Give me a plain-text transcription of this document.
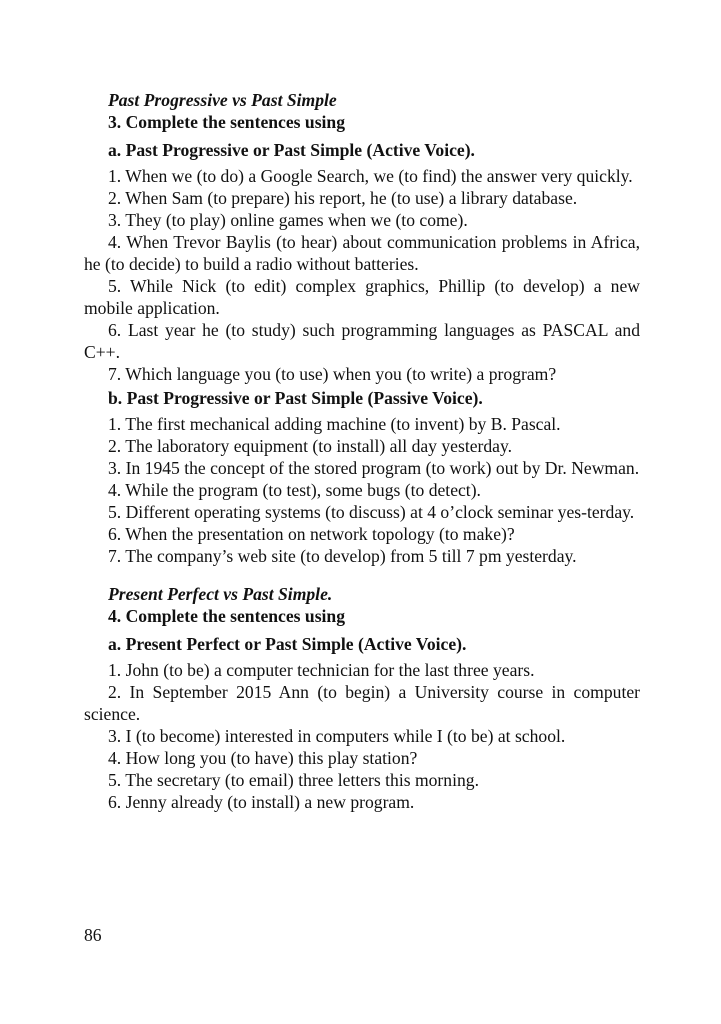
Past Progressive vs Past Simple

3. Complete the sentences using

a. Past Progressive or Past Simple (Active Voice).

1. When we (to do) a Google Search, we (to find) the answer very quickly.

2. When Sam (to prepare) his report, he (to use) a library database.

3. They (to play) online games when we (to come).

4. When Trevor Baylis (to hear) about communication problems in Africa, he (to decide) to build a radio without batteries.

5. While Nick (to edit) complex graphics, Phillip (to develop) a new mobile application.

6. Last year he (to study) such programming languages as PASCAL and C++.

7. Which language you (to use) when you (to write) a program?

b. Past Progressive or Past Simple (Passive Voice).

1. The first mechanical adding machine (to invent) by B. Pascal.

2. The laboratory equipment (to install) all day yesterday.

3. In 1945 the concept of the stored program (to work) out by Dr. Newman.

4. While the program (to test), some bugs (to detect).

5. Different operating systems (to discuss) at 4 o’clock seminar yes-terday.

6. When the presentation on network topology (to make)?

7. The company’s web site (to develop) from 5 till 7 pm yesterday.

Present Perfect vs Past Simple.

4. Complete the sentences using

a. Present Perfect or Past Simple (Active Voice).

1. John (to be) a computer technician for the last three years.

2. In September 2015 Ann (to begin) a University course in computer science.

3. I (to become) interested in computers while I (to be) at school.

4. How long you (to have) this play station?

5. The secretary (to email) three letters this morning.

6. Jenny already (to install) a new program.

86
